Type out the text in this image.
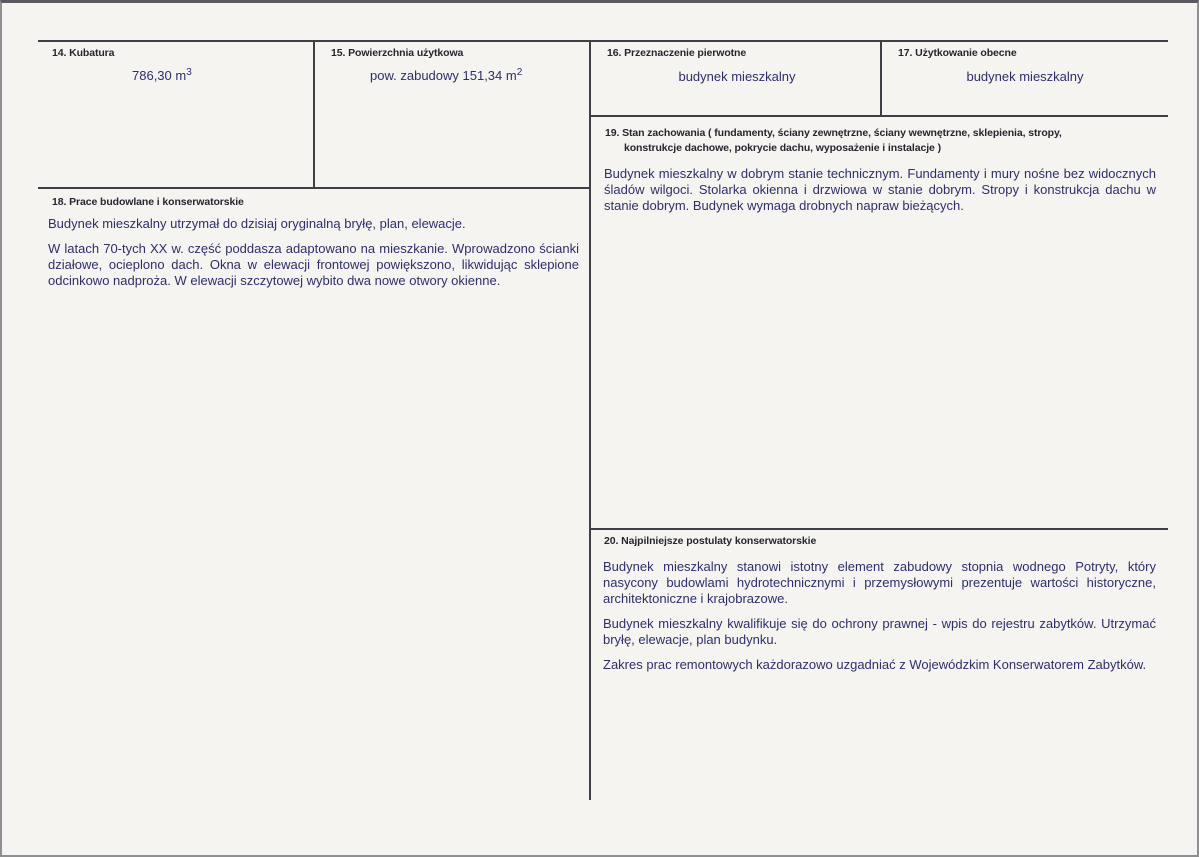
14. Kubatura
786,30 $m^3$
15. Powierzchnia użytkowa
pow. zabudowy 151,34 $m^2$
16. Przeznaczenie pierwotne
budynek mieszkalny
17. Użytkowanie obecne
budynek mieszkalny
19. Stan zachowania ( fundamenty, ściany zewnętrzne, ściany wewnętrzne, sklepienia, stropy,
konstrukcje dachowe, pokrycie dachu, wyposażenie i instalacje )

Budynek mieszkalny w dobrym stanie technicznym. Fundamenty i mury nośne bez widocznych śladów wilgoci. Stolarka okienna i drzwiowa w stanie dobrym. Stropy i konstrukcja dachu w stanie dobrym. Budynek wymaga drobnych napraw bieżących.

18. Prace budowlane i konserwatorskie

Budynek mieszkalny utrzymał do dzisiaj oryginalną bryłę, plan, elewacje.

W latach 70-tych XX w. część poddasza adaptowano na mieszkanie. Wprowadzono ścianki działowe, ocieplono dach. Okna w elewacji frontowej powiększono, likwidując sklepione odcinkowo nadproża. W elewacji szczytowej wybito dwa nowe otwory okienne.

20. Najpilniejsze postulaty konserwatorskie

Budynek mieszkalny stanowi istotny element zabudowy stopnia wodnego Potryty, który nasycony budowlami hydrotechnicznymi i przemysłowymi prezentuje wartości historyczne, architektoniczne i krajobrazowe.

Budynek mieszkalny kwalifikuje się do ochrony prawnej - wpis do rejestru zabytków. Utrzymać bryłę, elewacje, plan budynku.

Zakres prac remontowych każdorazowo uzgadniać z Wojewódzkim Konserwatorem Zabytków.
